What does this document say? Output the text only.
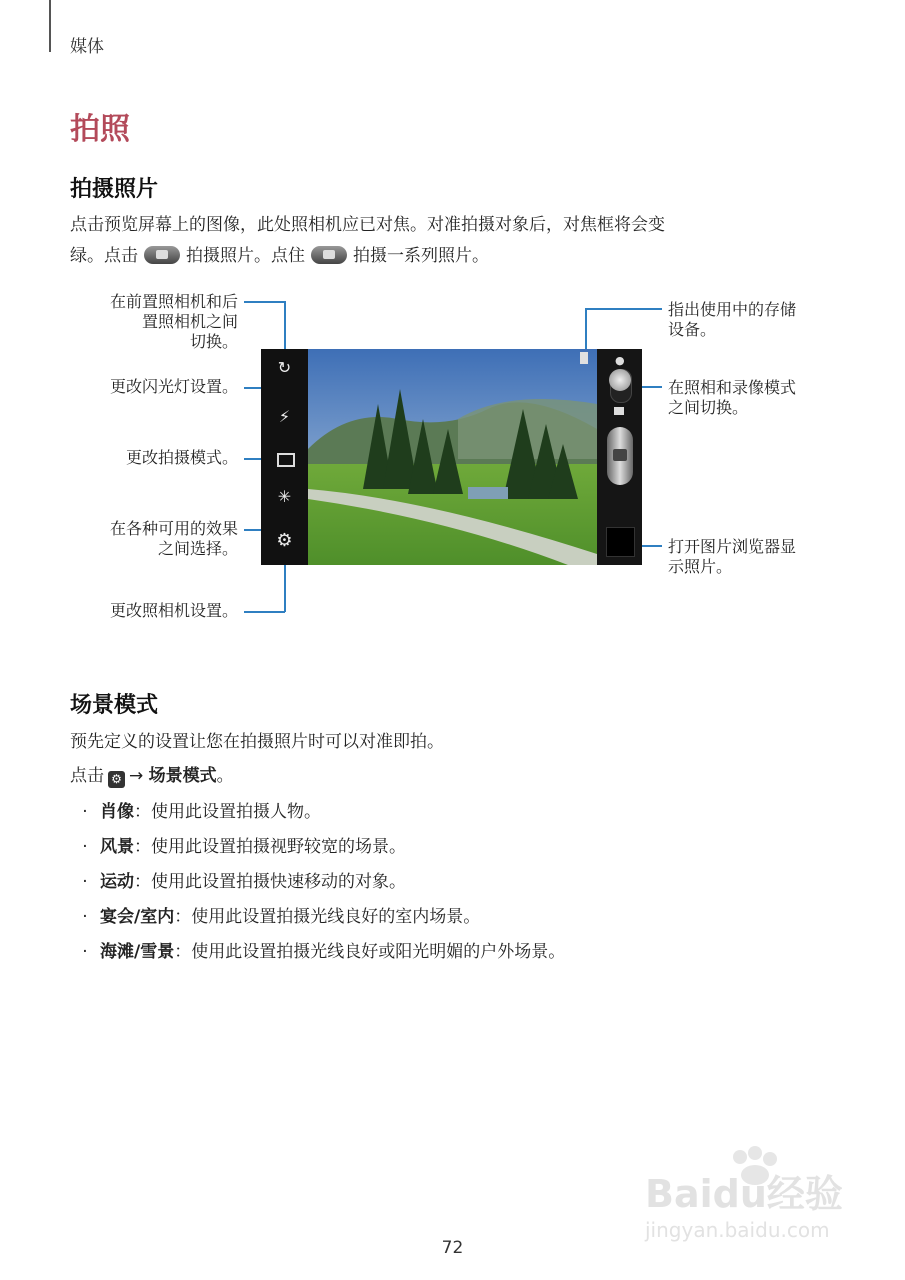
媒体
拍照
拍摄照片
点击预览屏幕上的图像，此处照相机应已对焦。对准拍摄对象后，对焦框将会变
绿。点击	拍摄照片。点住	拍摄一系列照片。
在前置照相机和后
置照相机之间
切换。
更改闪光灯设置。
更改拍摄模式。
在各种可用的效果
之间选择。
更改照相机设置。
指出使用中的存储
设备。
在照相和录像模式
之间切换。
打开图片浏览器显
示照片。
↻
⚡
✳
⚙
●
场景模式
预先定义的设置让您在拍摄照片时可以对准即拍。
点击 ⚙ → 场景模式。
· 肖像：使用此设置拍摄人物。
· 风景：使用此设置拍摄视野较宽的场景。
· 运动：使用此设置拍摄快速移动的对象。
· 宴会/室内：使用此设置拍摄光线良好的室内场景。
· 海滩/雪景：使用此设置拍摄光线良好或阳光明媚的户外场景。
Baidu经验
jingyan.baidu.com
72
